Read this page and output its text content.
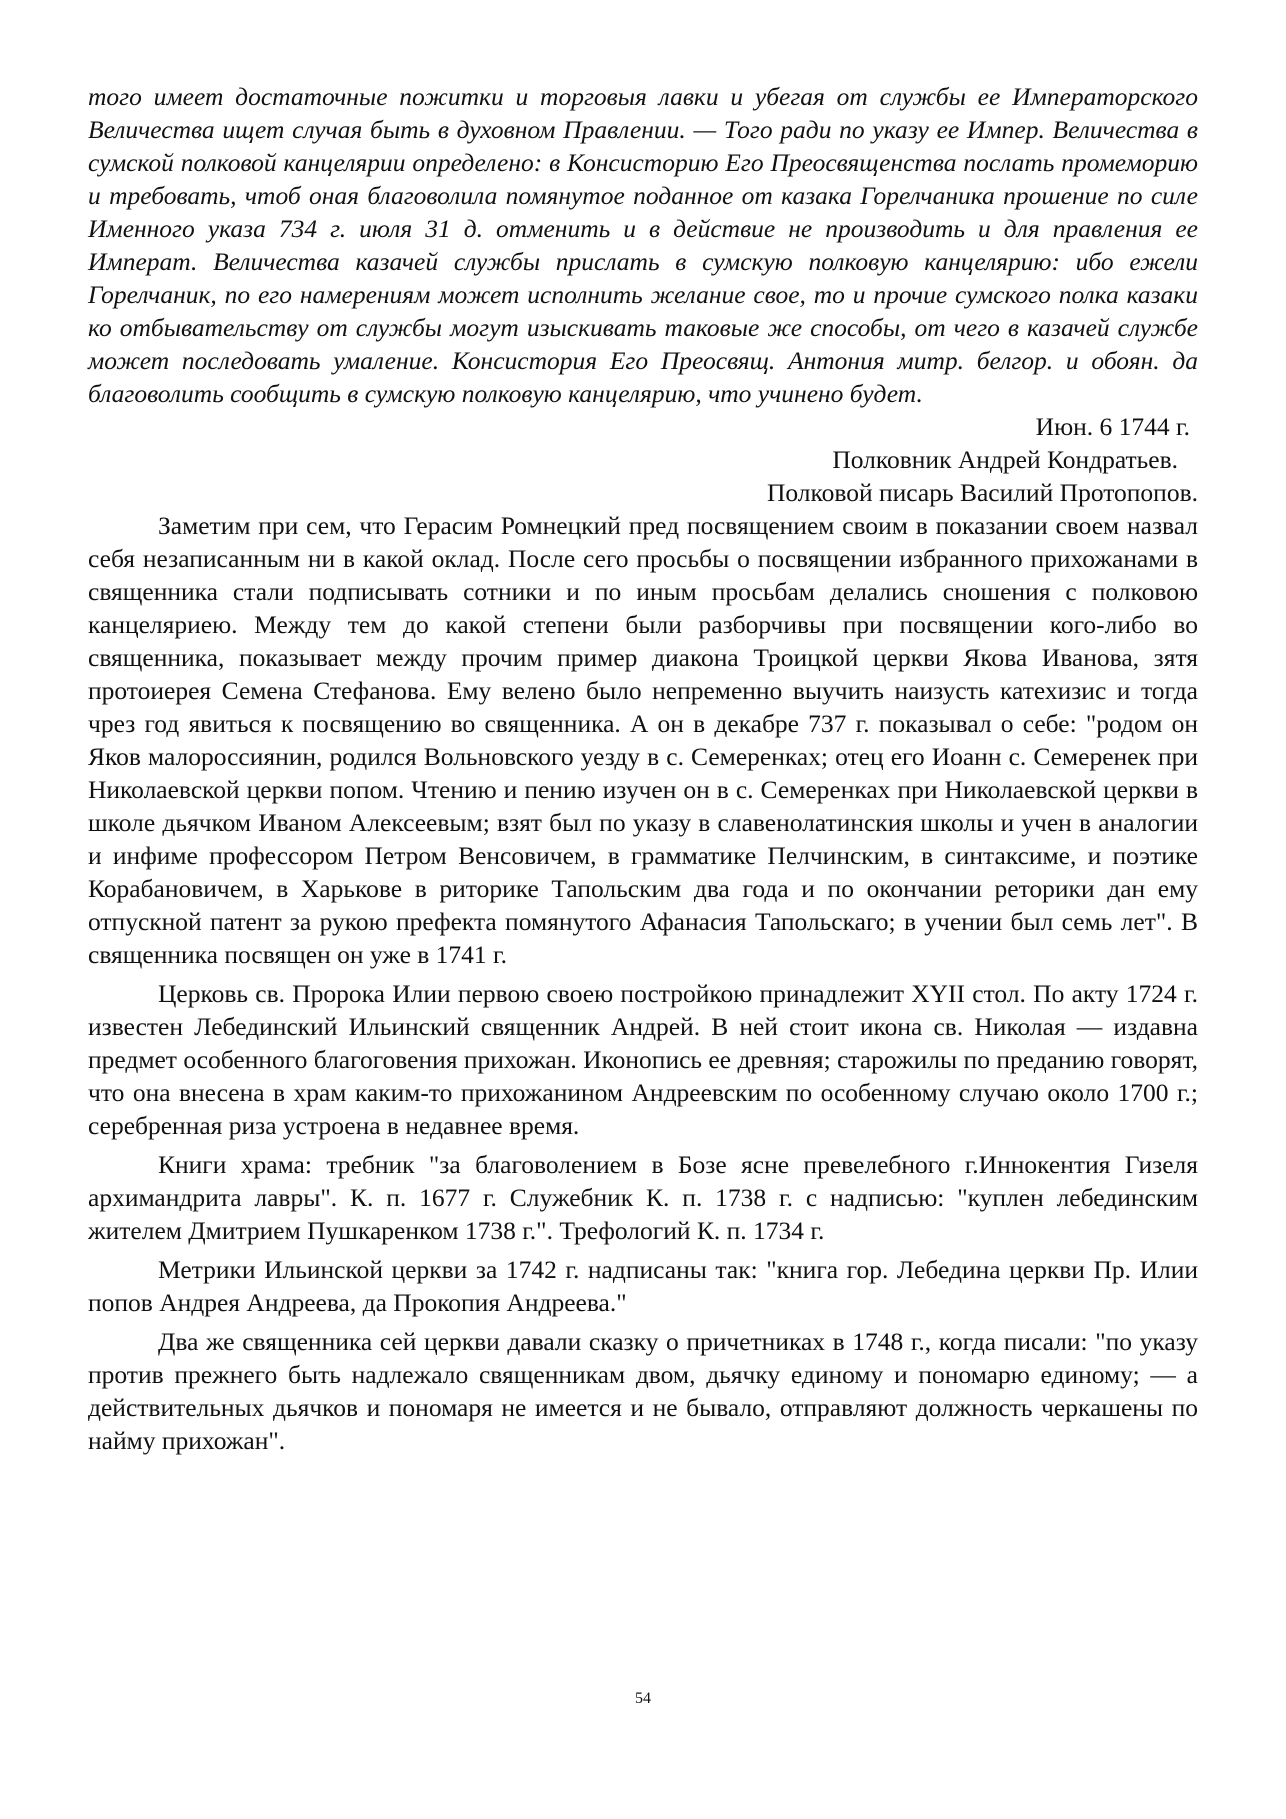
того имеет достаточные пожитки и торговыя лавки и убегая от службы ее Императорского Величества ищет случая быть в духовном Правлении. — Того ради по указу ее Импер. Величества в сумской полковой канцелярии определено: в Консисторию Его Преосвященства послать промеморию и требовать, чтоб оная благоволила помянутое поданное от казака Горелчаника прошение по силе Именного указа 734 г. июля 31 д. отменить и в действие не производить и для правления ее Императ. Величества казачей службы прислать в сумскую полковую канцелярию: ибо ежели Горелчаник, по его намерениям может исполнить желание свое, то и прочие сумского полка казаки ко отбывательству от службы могут изыскивать таковые же способы, от чего в казачей службе может последовать умаление. Консистория Его Преосвящ. Антония митр. белгор. и обоян. да благоволить сообщить в сумскую полковую канцелярию, что учинено будет.

Июн. 6 1744 г.

Полковник Андрей Кондратьев.

Полковой писарь Василий Протопопов.

Заметим при сем, что Герасим Ромнецкий пред посвящением своим в показании своем назвал себя незаписанным ни в какой оклад. После сего просьбы о посвящении избранного прихожанами в священника стали подписывать сотники и по иным просьбам делались сношения с полковою канцеляриею. Между тем до какой степени были разборчивы при посвящении кого-либо во священника, показывает между прочим пример диакона Троицкой церкви Якова Иванова, зятя протоиерея Семена Стефанова. Ему велено было непременно выучить наизусть катехизис и тогда чрез год явиться к посвящению во священника. А он в декабре 737 г. показывал о себе: "родом он Яков малороссиянин, родился Вольновского уезду в с. Семеренках; отец его Иоанн с. Семеренек при Николаевской церкви попом. Чтению и пению изучен он в с. Семеренках при Николаевской церкви в школе дьячком Иваном Алексеевым; взят был по указу в славенолатинския школы и учен в аналогии и инфиме профессором Петром Венсовичем, в грамматике Пелчинским, в синтаксиме, и поэтике Корабановичем, в Харькове в риторике Тапольским два года и по окончании реторики дан ему отпускной патент за рукою префекта помянутого Афанасия Тапольскаго; в учении был семь лет". В священника посвящен он уже в 1741 г.

Церковь св. Пророка Илии первою своею постройкою принадлежит XYII стол. По акту 1724 г. известен Лебединский Ильинский священник Андрей. В ней стоит икона св. Николая — издавна предмет особенного благоговения прихожан. Иконопись ее древняя; старожилы по преданию говорят, что она внесена в храм каким-то прихожанином Андреевским по особенному случаю около 1700 г.; серебренная риза устроена в недавнее время.

Книги храма: требник "за благоволением в Бозе ясне превелебного г.Иннокентия Гизеля архимандрита лавры". К. п. 1677 г. Служебник К. п. 1738 г. с надписью: "куплен лебединским жителем Дмитрием Пушкаренком 1738 г.". Трефологий К. п. 1734 г.

Метрики Ильинской церкви за 1742 г. надписаны так: "книга гор. Лебедина церкви Пр. Илии попов Андрея Андреева, да Прокопия Андреева."

Два же священника сей церкви давали сказку о причетниках в 1748 г., когда писали: "по указу против прежнего быть надлежало священникам двом, дьячку единому и пономарю единому; — а действительных дьячков и пономаря не имеется и не бывало, отправляют должность черкашены по найму прихожан".

54
